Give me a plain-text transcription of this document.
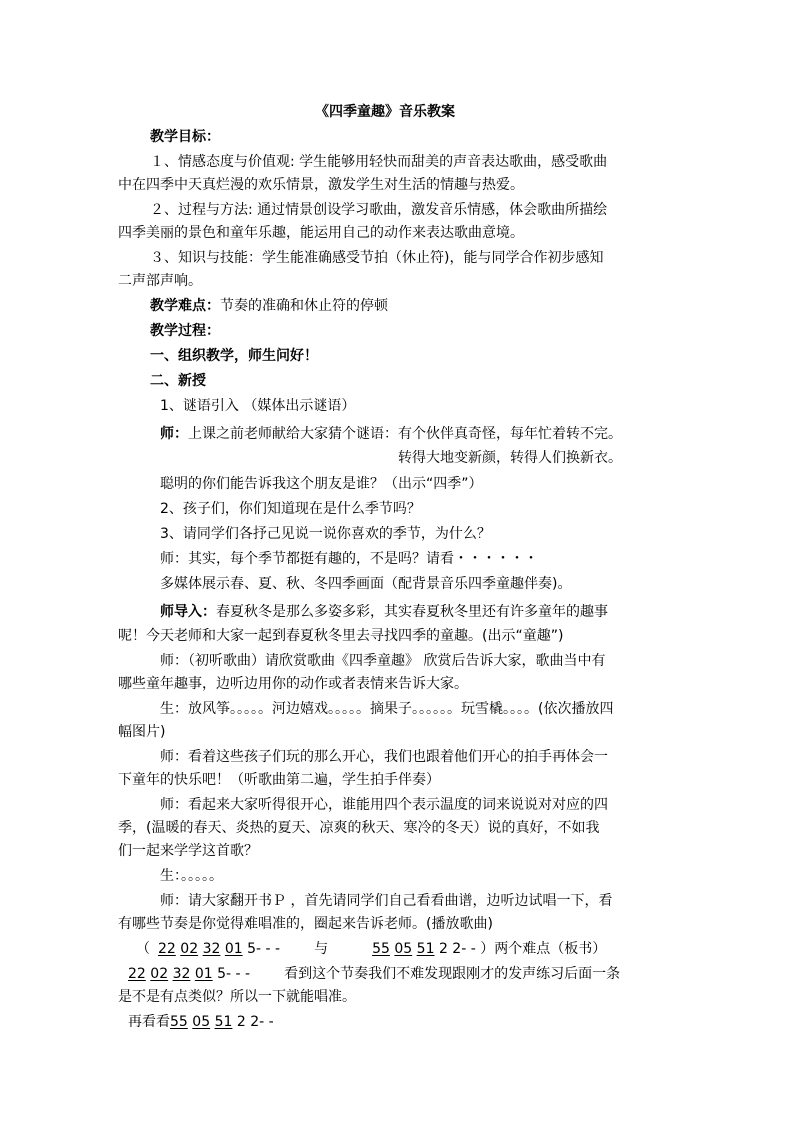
《四季童趣》音乐教案
教学目标：
１、情感态度与价值观: 学生能够用轻快而甜美的声音表达歌曲，感受歌曲
中在四季中天真烂漫的欢乐情景，激发学生对生活的情趣与热爱。
２、过程与方法: 通过情景创设学习歌曲，激发音乐情感，体会歌曲所描绘
四季美丽的景色和童年乐趣，能运用自己的动作来表达歌曲意境。
３、知识与技能：学生能准确感受节拍（休止符)，能与同学合作初步感知
二声部声响。
教学难点：节奏的准确和休止符的停顿
教学过程：
一、组织教学，师生问好！
二、新授
1、谜语引入 （媒体出示谜语）
师：上课之前老师献给大家猜个谜语：有个伙伴真奇怪，每年忙着转不完。
转得大地变新颜，转得人们换新衣。
聪明的你们能告诉我这个朋友是谁？（出示“四季”）
2、孩子们，你们知道现在是什么季节吗？
3、请同学们各抒己见说一说你喜欢的季节，为什么？
师：其实，每个季节都挺有趣的，不是吗？请看・・・・・・
多媒体展示春、夏、秋、冬四季画面（配背景音乐四季童趣伴奏)。
师导入：春夏秋冬是那么多姿多彩，其实春夏秋冬里还有许多童年的趣事
呢！今天老师和大家一起到春夏秋冬里去寻找四季的童趣。(出示“童趣”)
师：（初听歌曲）请欣赏歌曲《四季童趣》 欣赏后告诉大家，歌曲当中有
哪些童年趣事，边听边用你的动作或者表情来告诉大家。
生：放风筝。。。。。河边嬉戏。。。。。摘果子。。。。。。玩雪橇。。。。(依次播放四
幅图片)
师：看着这些孩子们玩的那么开心，我们也跟着他们开心的拍手再体会一
下童年的快乐吧！（听歌曲第二遍，学生拍手伴奏）
师：看起来大家听得很开心，谁能用四个表示温度的词来说说对对应的四
季，(温暖的春天、炎热的夏天、凉爽的秋天、寒冷的冬天）说的真好，不如我
们一起来学学这首歌？
生：。。。。。
师：请大家翻开书Ｐ ，首先请同学们自己看看曲谱，边听边试唱一下，看
有哪些节奏是你觉得难唱准的，圈起来告诉老师。(播放歌曲)
（ 22 02 32 01 5- - - 与	55 05 51 2 2- - ）两个难点（板书）
22 02 32 01 5- - - 看到这个节奏我们不难发现跟刚才的发声练习后面一条
是不是有点类似？所以一下就能唱准。
再看看55 05 51 2 2- -
